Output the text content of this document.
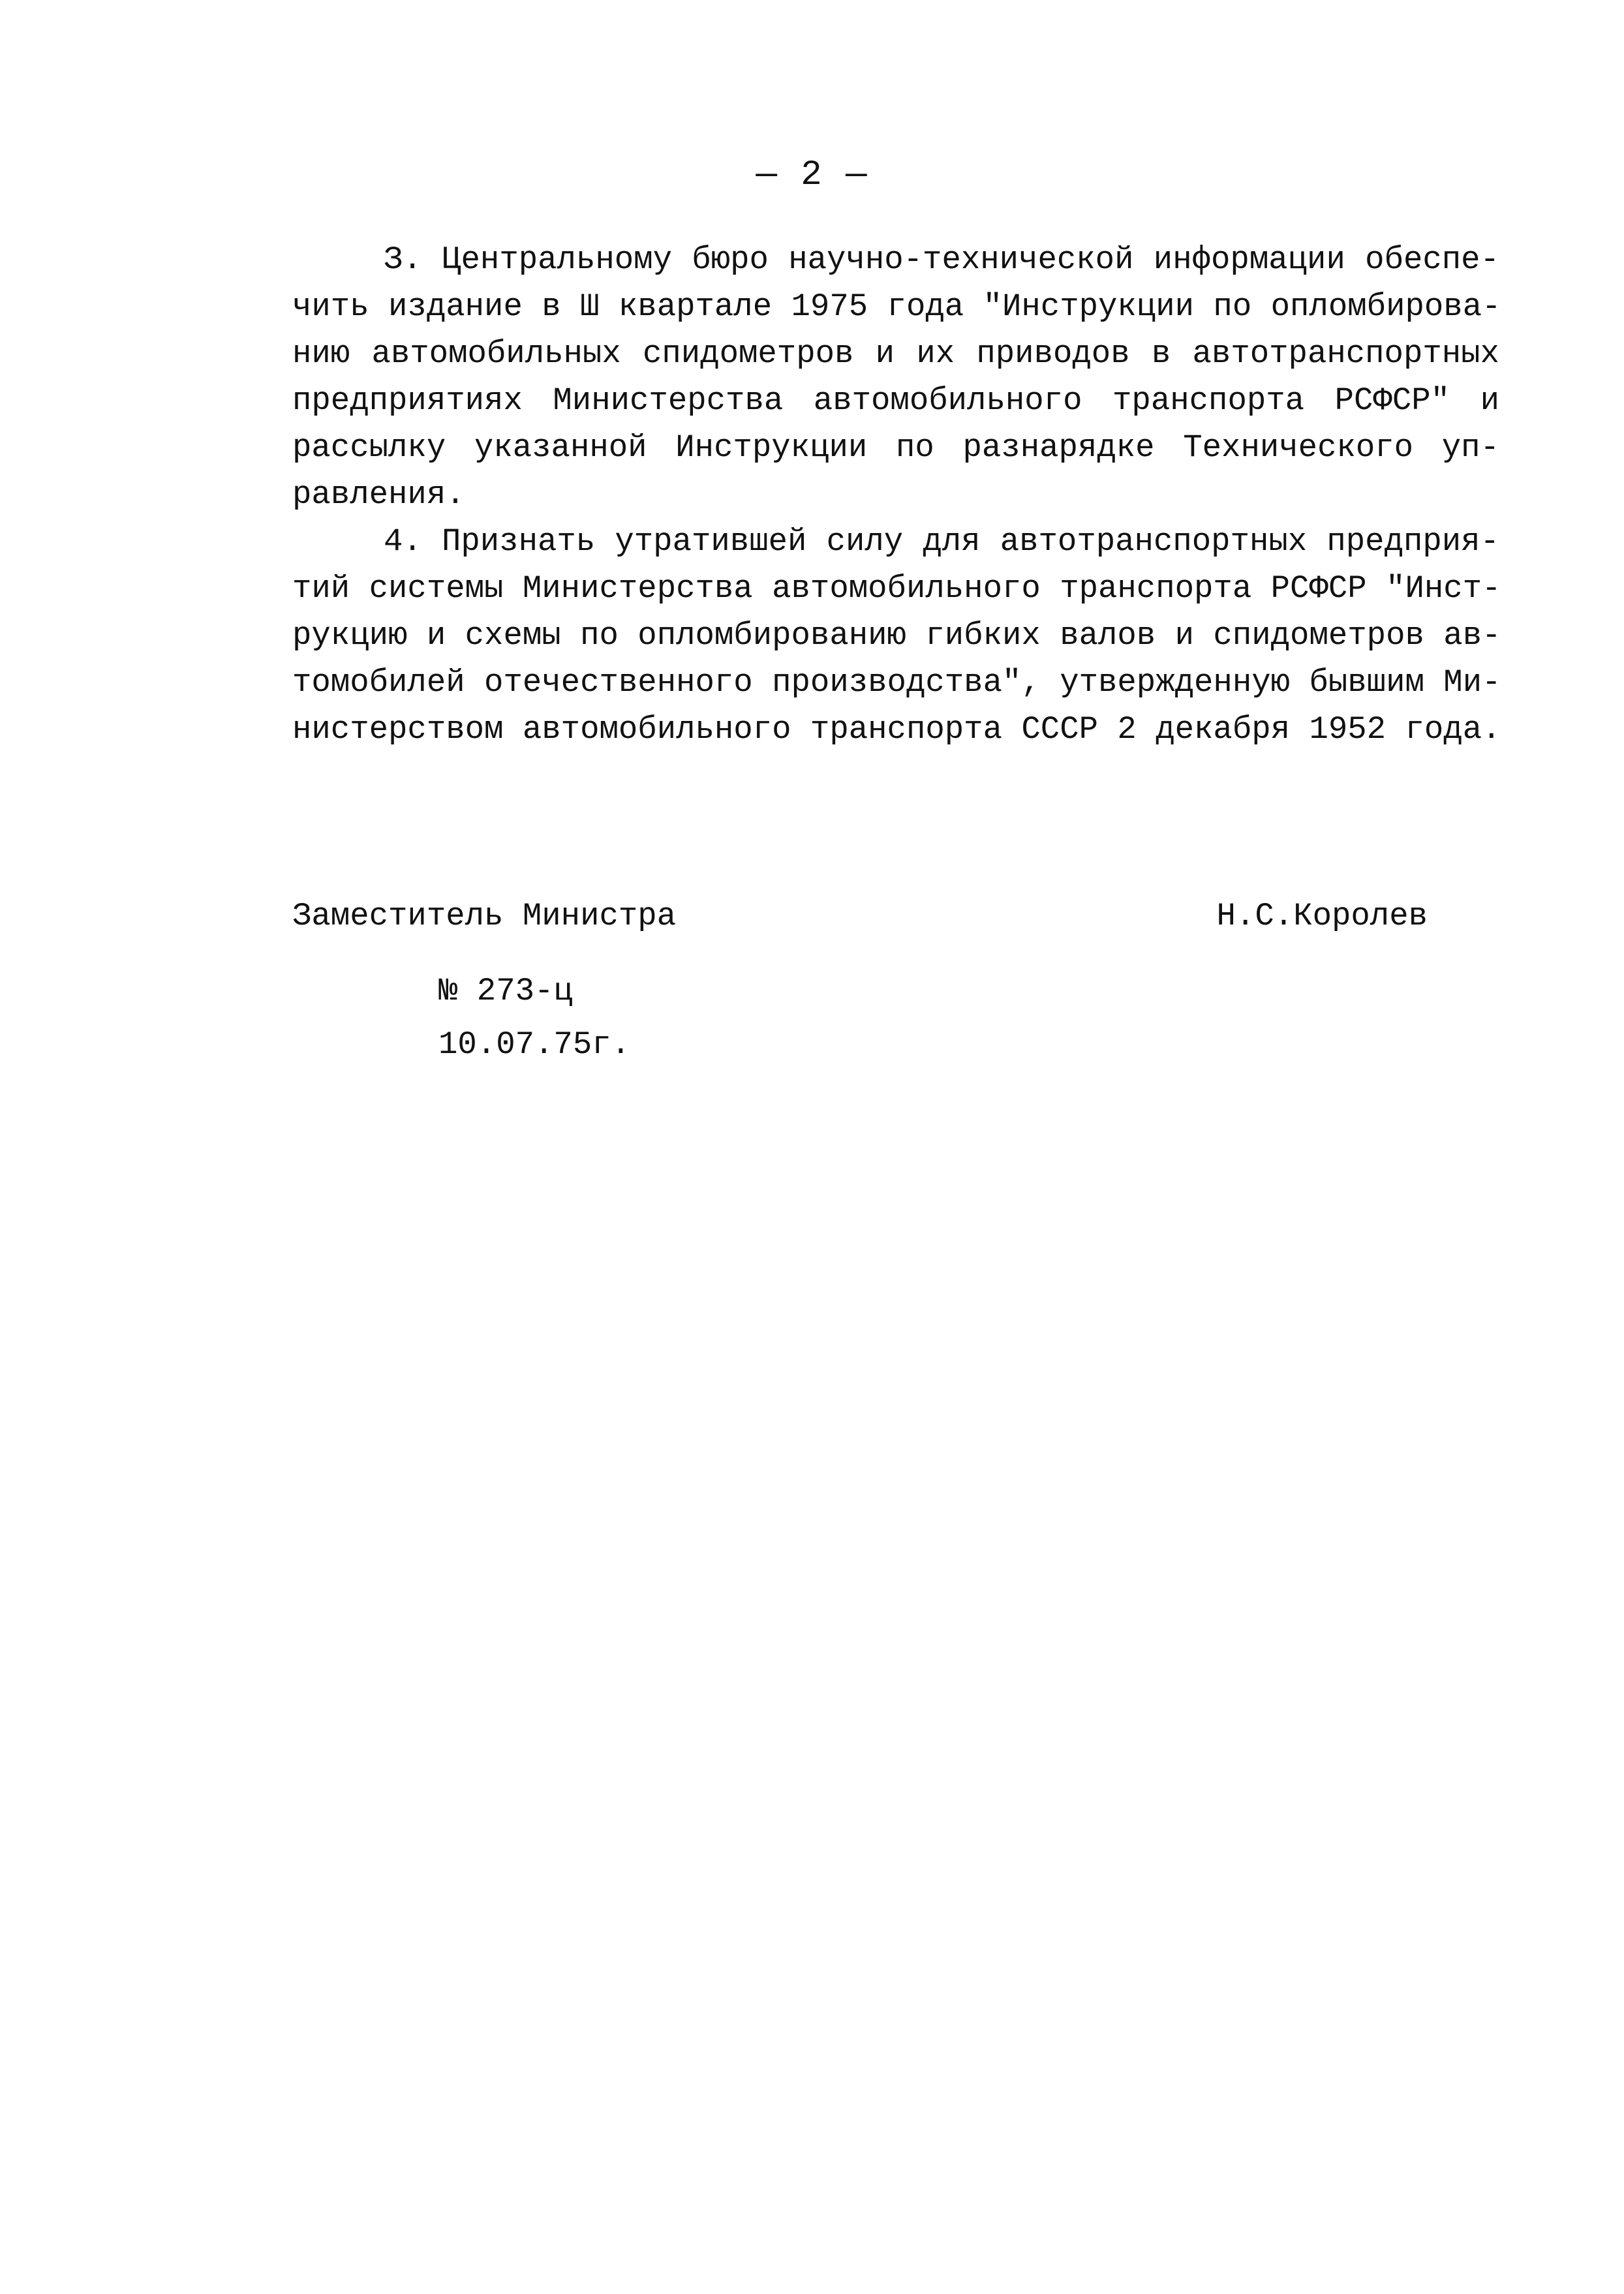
— 2 —
З. Центральному бюро научно-технической информации обеспе-
чить издание в Ш квартале 1975 года "Инструкции по опломбирова-
нию автомобильных спидометров и их приводов в автотранспортных
предприятиях Министерства автомобильного транспорта РСФСР" и
рассылку указанной Инструкции по разнарядке Технического уп-
равления.
4. Признать утратившей силу для автотранспортных предприя-
тий системы Министерства автомобильного транспорта РСФСР "Инст-
рукцию и схемы по опломбированию гибких валов и спидометров ав-
томобилей отечественного производства", утвержденную бывшим Ми-
нистерством автомобильного транспорта СССР 2 декабря 1952 года.
Заместитель Министра	Н.С.Королев
№ 273-ц
10.07.75г.
